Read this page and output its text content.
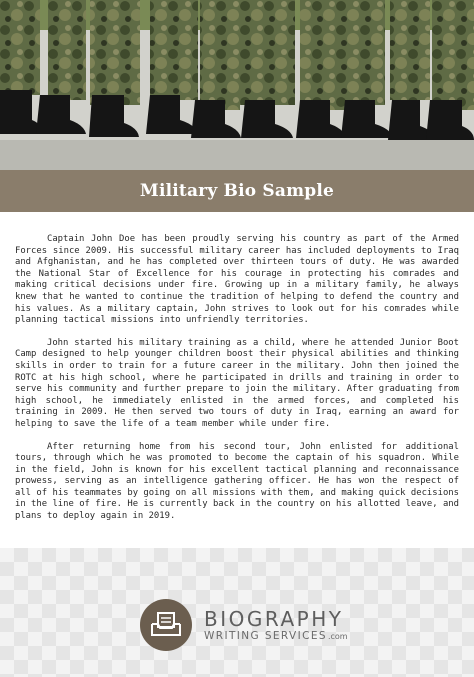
Military Bio Sample

Captain John Doe has been proudly serving his country as part of the Armed Forces since 2009. His successful military career has included deployments to Iraq and Afghanistan, and he has completed over thirteen tours of duty. He was awarded the National Star of Excellence for his courage in protecting his comrades and making critical decisions under fire. Growing up in a military family, he always knew that he wanted to continue the tradition of helping to defend the country and his values. As a military captain, John strives to look out for his comrades while planning tactical missions into unfriendly territories.

John started his military training as a child, where he attended Junior Boot Camp designed to help younger children boost their physical abilities and thinking skills in order to train for a future career in the military. John then joined the ROTC at his high school, where he participated in drills and training in order to serve his community and further prepare to join the military. After graduating from high school, he immediately enlisted in the armed forces, and completed his training in 2009. He then served two tours of duty in Iraq, earning an award for helping to save the life of a team member while under fire.

After returning home from his second tour, John enlisted for additional tours, through which he was promoted to become the captain of his squadron. While in the field, John is known for his excellent tactical planning and reconnaissance prowess, serving as an intelligence gathering officer. He has won the respect of all of his teammates by going on all missions with them, and making quick decisions in the line of fire. He is currently back in the country on his allotted leave, and plans to deploy again in 2019.

BIOGRAPHY
WRITING SERVICES .com
